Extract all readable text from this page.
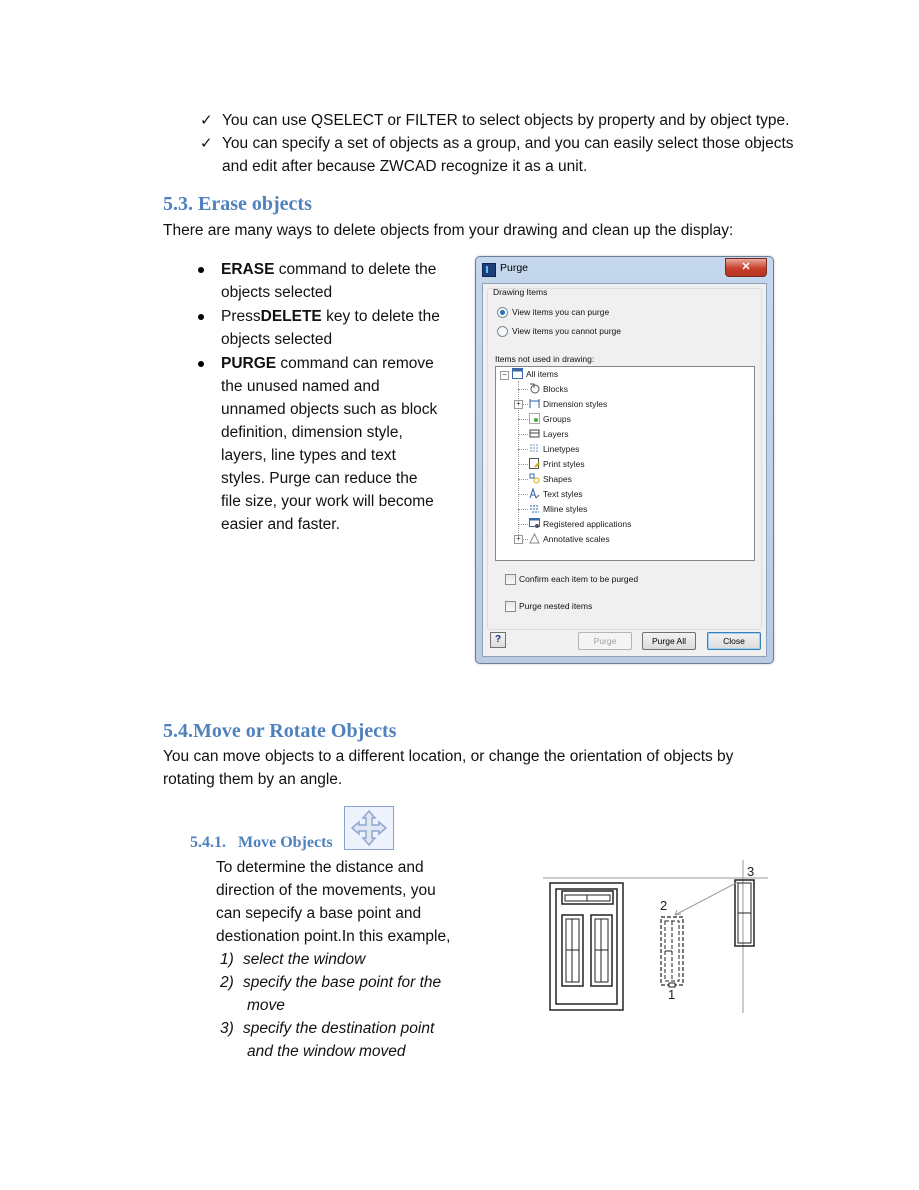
✓ You can use QSELECT or FILTER to select objects by property and by object type.
✓ You can specify a set of objects as a group, and you can easily select those objects
and edit after because ZWCAD recognize it as a unit.
5.3. Erase objects
There are many ways to delete objects from your drawing and clean up the display:
ERASE command to delete the
objects selected
PressDELETE key to delete the
objects selected
PURGE command can remove
the unused named and
unnamed objects such as block
definition, dimension style,
layers, line types and text
styles. Purge can reduce the
file size, your work will become
easier and faster.
Purge	✕
Drawing Items
View items you can purge
View items you cannot purge
Items not used in drawing:
− All items
Blocks
+	Dimension styles
Groups
Layers
Linetypes
Print styles
Shapes
Text styles
Mline styles
Registered applications
+	Annotative scales
Confirm each item to be purged
Purge nested items
?	Purge	Purge All	Close
5.4.Move or Rotate Objects
You can move objects to a different location, or change the orientation of objects by
rotating them by an angle.
5.4.1.   Move Objects
To determine the distance and
direction of the movements, you
can sepecify a base point and
destionation point.In this example,
1) select the window
2) specify the base point for the
move
3) specify the destination point
and the window moved
3
2
1
